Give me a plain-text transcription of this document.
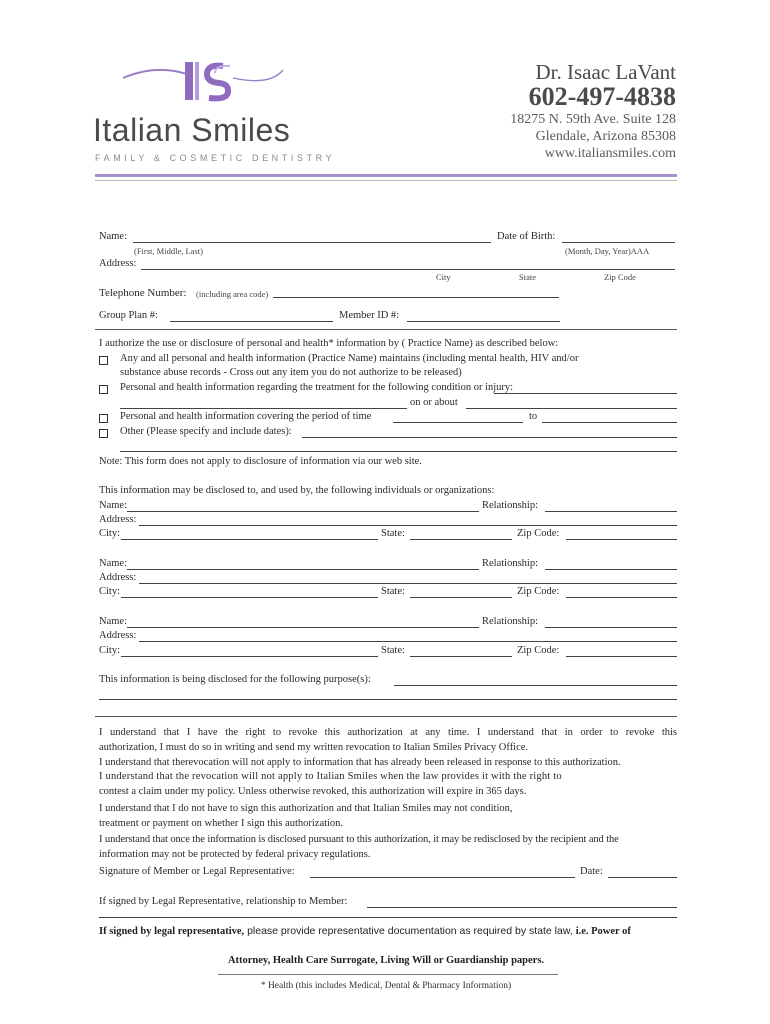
Italian Smiles
FAMILY & COSMETIC DENTISTRY
Dr. Isaac LaVant
602-497-4838
18275 N. 59th Ave. Suite 128
Glendale, Arizona 85308
www.italiansmiles.com
Name:	Date of Birth:
(First, Middle, Last)	(Month, Day, Year)AAA
Address:
City	State	Zip Code
Telephone Number: (including area code)
Group Plan #:	Member ID #:
I authorize the use or disclosure of personal and health* information by ( Practice Name) as described below:
Any and all personal and health information (Practice Name) maintains (including mental health, HIV and/or
substance abuse records - Cross out any item you do not authorize to be released)
Personal and health information regarding the treatment for the following condition or injury:
on or about
Personal and health information covering the period of time	to
Other (Please specify and include dates):
Note: This form does not apply to disclosure of information via our web site.
This information may be disclosed to, and used by, the following individuals or organizations:
Name:	Relationship:
Address:
City:	State:	Zip Code:
Name:	Relationship:
Address:
City:	State:	Zip Code:
Name:	Relationship:
Address:
City:	State:	Zip Code:
This information is being disclosed for the following purpose(s):
I understand that I have the right to revoke this authorization at any time. I understand that in order to revoke this
authorization, I must do so in writing and send my written revocation to Italian Smiles Privacy Office.
I understand that therevocation will not apply to information that has already been released in response to this authorization.
I understand that the revocation will not apply to Italian Smiles when the law provides it with the right to
contest a claim under my policy. Unless otherwise revoked, this authorization will expire in 365 days.
I understand that I do not have to sign this authorization and that Italian Smiles may not condition,
treatment or payment on whether I sign this authorization.
I understand that once the information is disclosed pursuant to this authorization, it may be redisclosed by the recipient and the
information may not be protected by federal privacy regulations.
Signature of Member or Legal Representative:	Date:
If signed by Legal Representative, relationship to Member:
If signed by legal representative, please provide representative documentation as required by state law, i.e. Power of
Attorney, Health Care Surrogate, Living Will or Guardianship papers.
* Health (this includes Medical, Dental & Pharmacy Information)
